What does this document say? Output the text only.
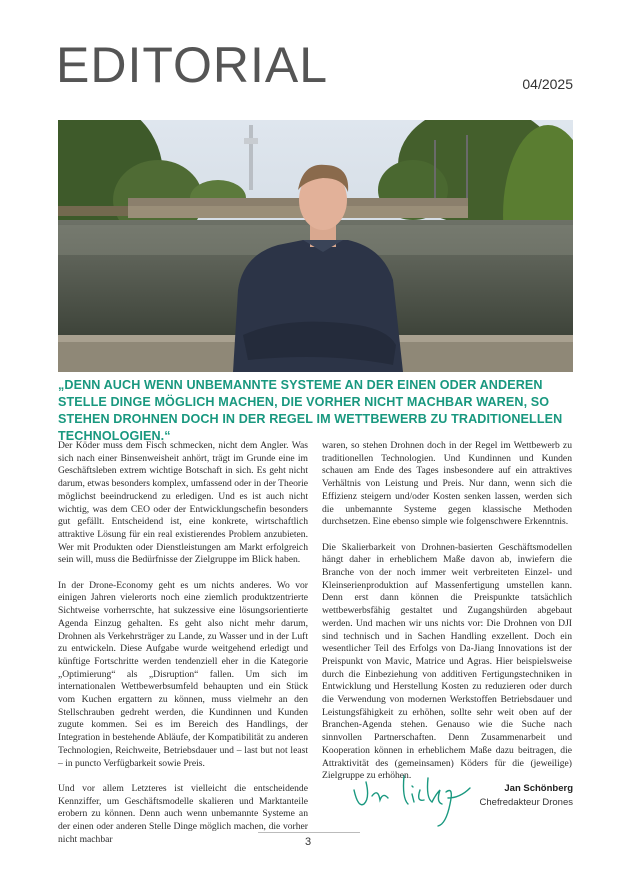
EDITORIAL	04/2025
„DENN AUCH WENN UNBEMANNTE SYSTEME AN DER EINEN ODER ANDEREN STELLE DINGE MÖGLICH MACHEN, DIE VORHER NICHT MACHBAR WAREN, SO STEHEN DROHNEN DOCH IN DER REGEL IM WETTBEWERB ZU TRADITIONELLEN TECHNOLOGIEN.“

Der Köder muss dem Fisch schmecken, nicht dem Angler. Was sich nach einer Binsenweisheit anhört, trägt im Grunde eine im Geschäftsleben extrem wichtige Botschaft in sich. Es geht nicht darum, etwas besonders komplex, umfassend oder in der Theorie möglichst beeindruckend zu erledigen. Und es ist auch nicht wichtig, was dem CEO oder der Entwicklungschefin besonders gut gefällt. Entscheidend ist, eine konkrete, wirtschaftlich attraktive Lösung für ein real existierendes Problem anzubieten. Wer mit Produkten oder Dienstleistungen am Markt erfolgreich sein will, muss die Bedürfnisse der Zielgruppe im Blick haben.

In der Drone-Economy geht es um nichts anderes. Wo vor einigen Jahren vielerorts noch eine ziemlich produktzentrierte Sichtweise vorherrschte, hat sukzessive eine lösungsorientierte Agenda Einzug gehalten. Es geht also nicht mehr darum, Drohnen als Verkehrsträger zu Lande, zu Wasser und in der Luft zu entwickeln. Diese Aufgabe wurde weitgehend erledigt und künftige Fortschritte werden tendenziell eher in die Kategorie „Optimierung“ als „Disruption“ fallen. Um sich im internationalen Wettbewerbsumfeld behaupten und ein Stück vom Kuchen ergattern zu können, muss vielmehr an den Stellschrauben gedreht werden, die Kundinnen und Kunden zugute kommen. Sei es im Bereich des Handlings, der Integration in bestehende Abläufe, der Kompatibilität zu anderen Technologien, Reichweite, Betriebsdauer und – last but not least – in puncto Verfügbarkeit sowie Preis.

Und vor allem Letzteres ist vielleicht die entscheidende Kennziffer, um Geschäftsmodelle skalieren und Marktanteile erobern zu können. Denn auch wenn unbemannte Systeme an der einen oder anderen Stelle Dinge möglich machen, die vorher nicht machbar

waren, so stehen Drohnen doch in der Regel im Wettbewerb zu traditionellen Technologien. Und Kundinnen und Kunden schauen am Ende des Tages insbesondere auf ein attraktives Verhältnis von Leistung und Preis. Nur dann, wenn sich die Effizienz steigern und/oder Kosten senken lassen, werden sich die unbemannte Systeme gegen klassische Methoden durchsetzen. Eine ebenso simple wie folgenschwere Erkenntnis.

Die Skalierbarkeit von Drohnen-basierten Geschäftsmodellen hängt daher in erheblichem Maße davon ab, inwiefern die Branche von der noch immer weit verbreiteten Einzel- und Kleinserienproduktion auf Massenfertigung umstellen kann. Denn erst dann können die Preispunkte tatsächlich wettbewerbsfähig gestaltet und Zugangshürden abgebaut werden. Und machen wir uns nichts vor: Die Drohnen von DJI sind technisch und in Sachen Handling exzellent. Doch ein wesentlicher Teil des Erfolgs von Da-Jiang Innovations ist der Preispunkt von Mavic, Matrice und Agras. Hier beispielsweise durch die Einbeziehung von additiven Fertigungstechniken in Entwicklung und Herstellung Kosten zu reduzieren oder durch die Verwendung von modernen Werkstoffen Betriebsdauer und Leistungsfähigkeit zu erhöhen, sollte sehr weit oben auf der Branchen-Agenda stehen. Genauso wie die Suche nach sinnvollen Partnerschaften. Denn Zusammenarbeit und Kooperation können in erheblichem Maße dazu beitragen, die Attraktivität des (gemeinsamen) Köders für die (jeweilige) Zielgruppe zu erhöhen.

Jan Schönberg
Chefredakteur Drones
3
